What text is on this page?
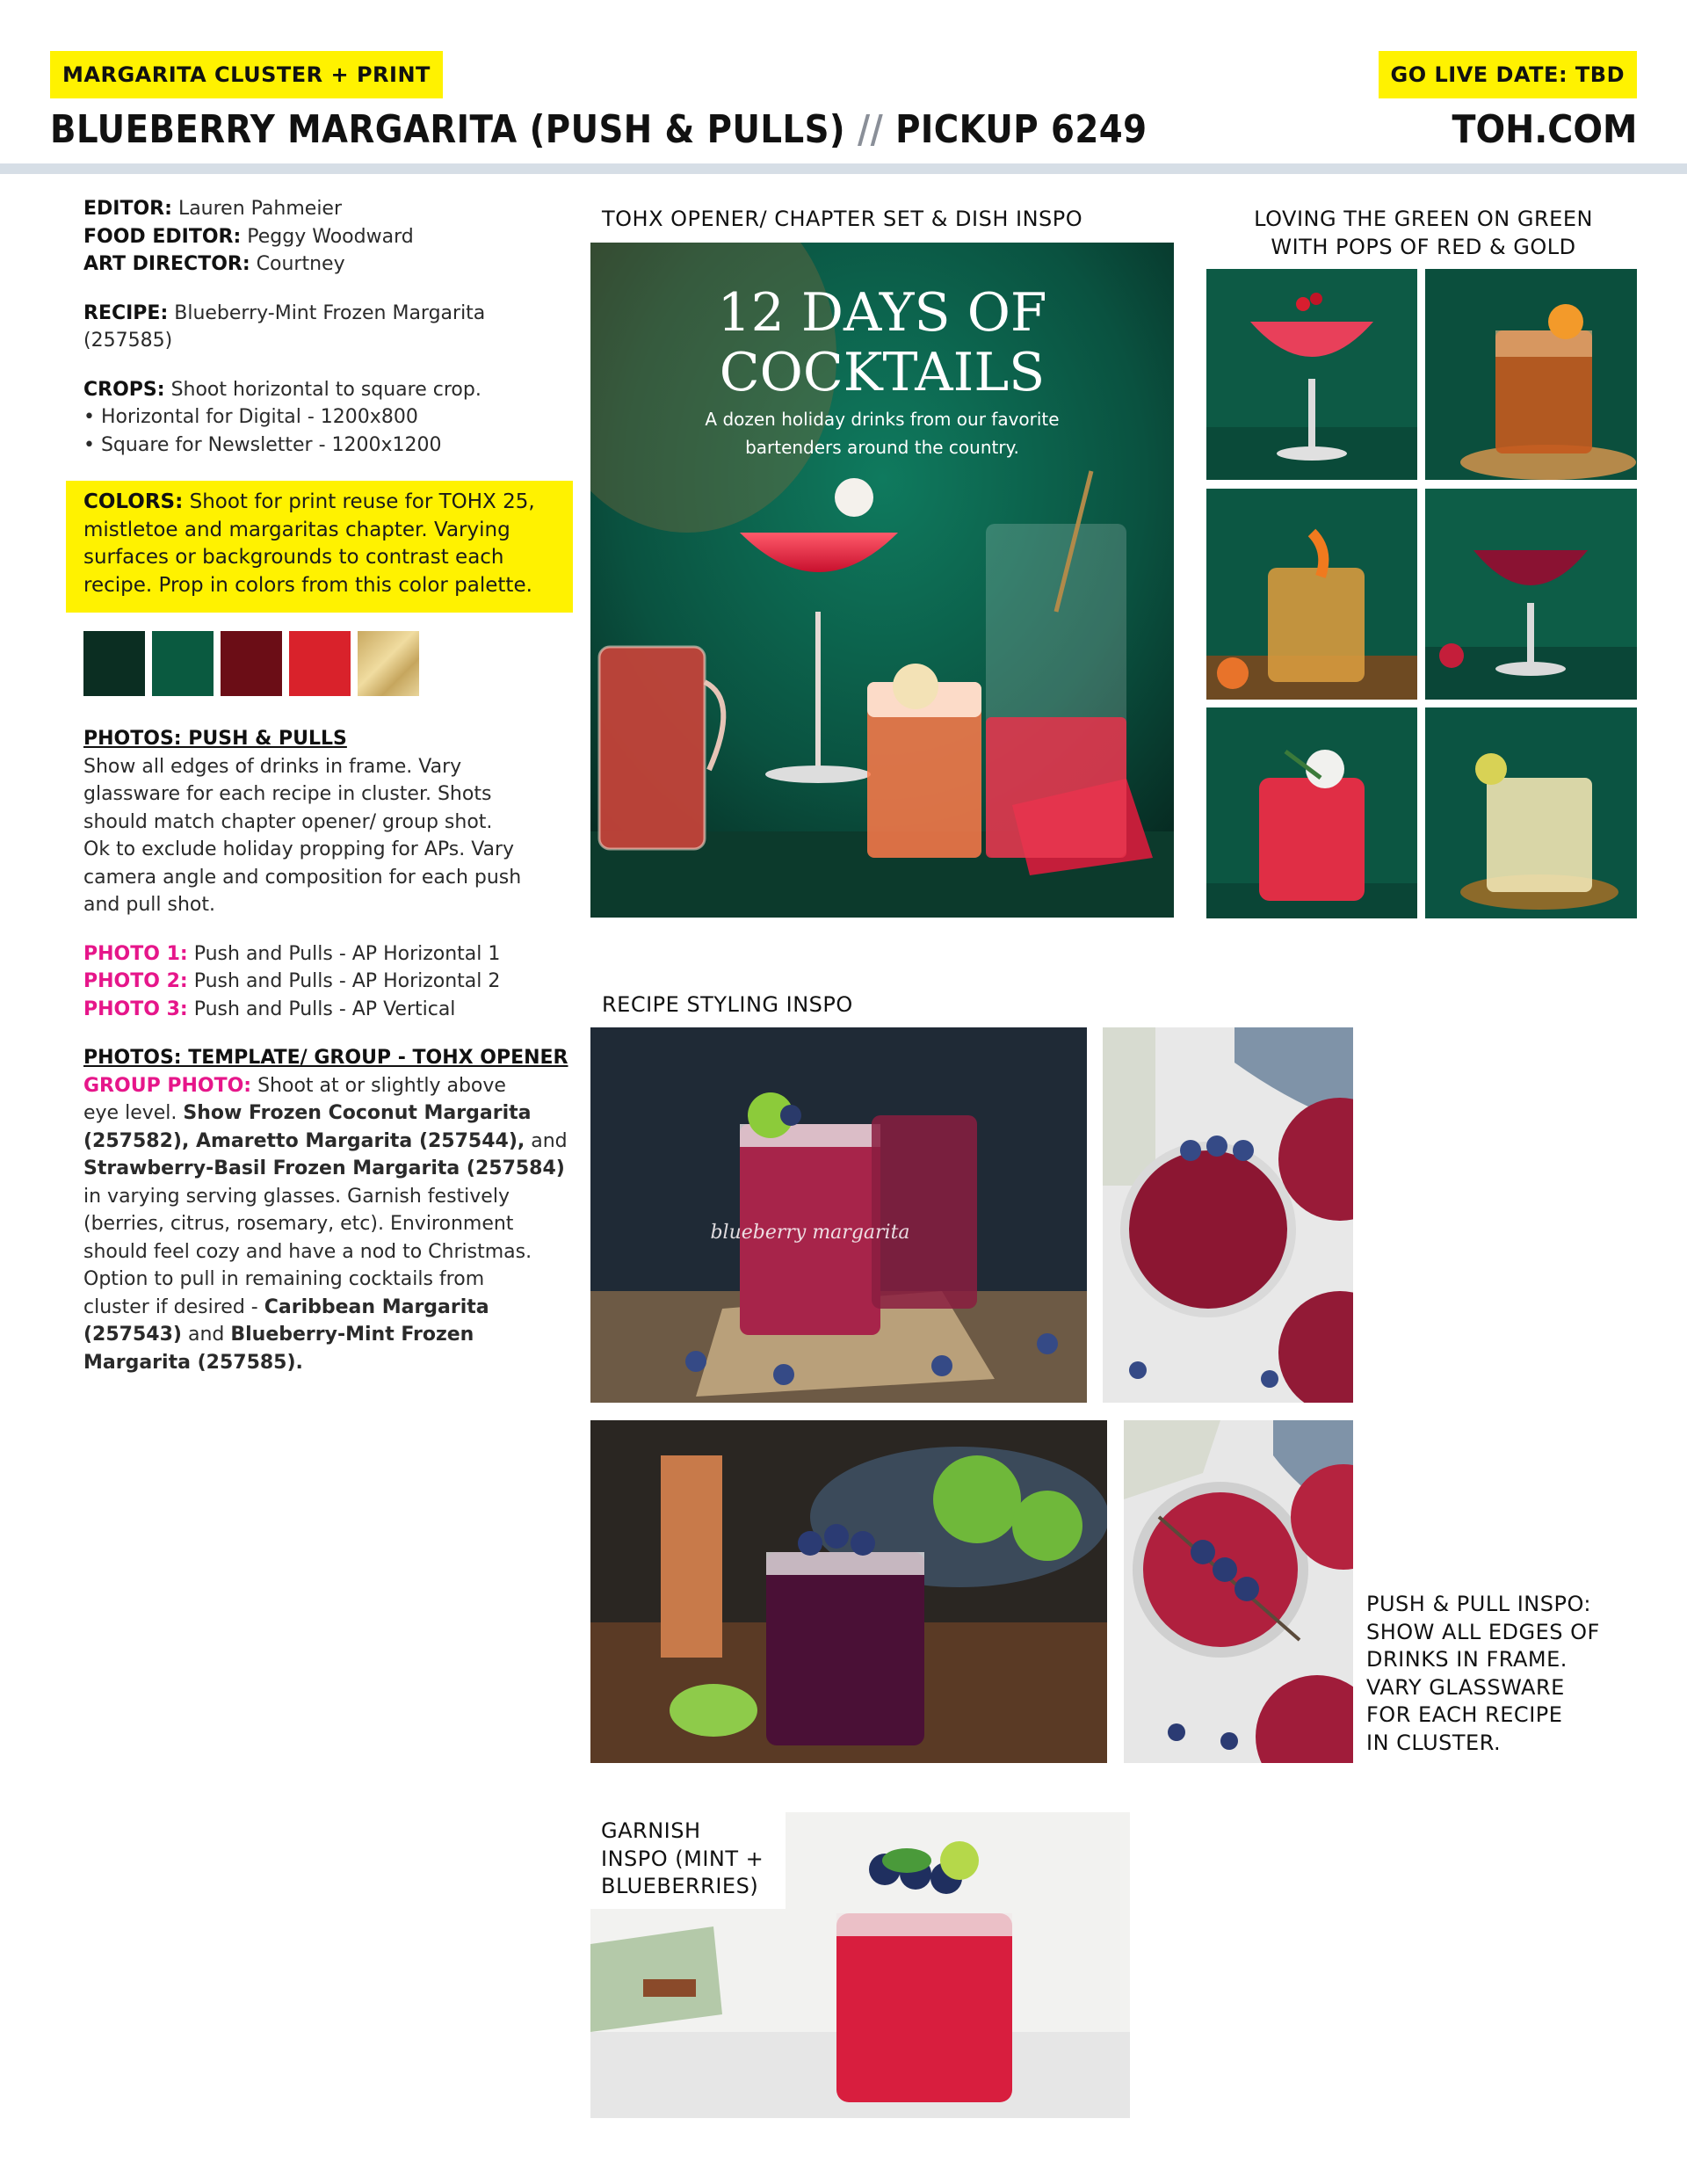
MARGARITA CLUSTER + PRINT	GO LIVE DATE: TBD
BLUEBERRY MARGARITA (PUSH & PULLS) // PICKUP 6249	TOH.COM
EDITOR: Lauren Pahmeier
FOOD EDITOR: Peggy Woodward
ART DIRECTOR: Courtney
RECIPE: Blueberry-Mint Frozen Margarita
(257585)
CROPS: Shoot horizontal to square crop.
• Horizontal for Digital - 1200x800
• Square for Newsletter - 1200x1200
COLORS: Shoot for print reuse for TOHX 25,
mistletoe and margaritas chapter. Varying
surfaces or backgrounds to contrast each
recipe. Prop in colors from this color palette.
PHOTOS: PUSH & PULLS
Show all edges of drinks in frame. Vary
glassware for each recipe in cluster. Shots
should match chapter opener/ group shot.
Ok to exclude holiday propping for APs. Vary
camera angle and composition for each push
and pull shot.
PHOTO 1: Push and Pulls - AP Horizontal 1
PHOTO 2: Push and Pulls - AP Horizontal 2
PHOTO 3: Push and Pulls - AP Vertical
PHOTOS: TEMPLATE/ GROUP - TOHX OPENER
GROUP PHOTO: Shoot at or slightly above
eye level. Show Frozen Coconut Margarita
(257582), Amaretto Margarita (257544), and
Strawberry-Basil Frozen Margarita (257584)
in varying serving glasses. Garnish festively
(berries, citrus, rosemary, etc). Environment
should feel cozy and have a nod to Christmas.
Option to pull in remaining cocktails from
cluster if desired - Caribbean Margarita
(257543) and Blueberry-Mint Frozen
Margarita (257585).
TOHX OPENER/ CHAPTER SET & DISH INSPO	LOVING THE GREEN ON GREEN
WITH POPS OF RED & GOLD
RECIPE STYLING INSPO
PUSH & PULL INSPO:
SHOW ALL EDGES OF
DRINKS IN FRAME.
VARY GLASSWARE
FOR EACH RECIPE
IN CLUSTER.
12 DAYS OF
COCKTAILS
A dozen holiday drinks from our favorite
bartenders around the country.
blueberry margarita
GARNISH
INSPO (MINT +
BLUEBERRIES)
